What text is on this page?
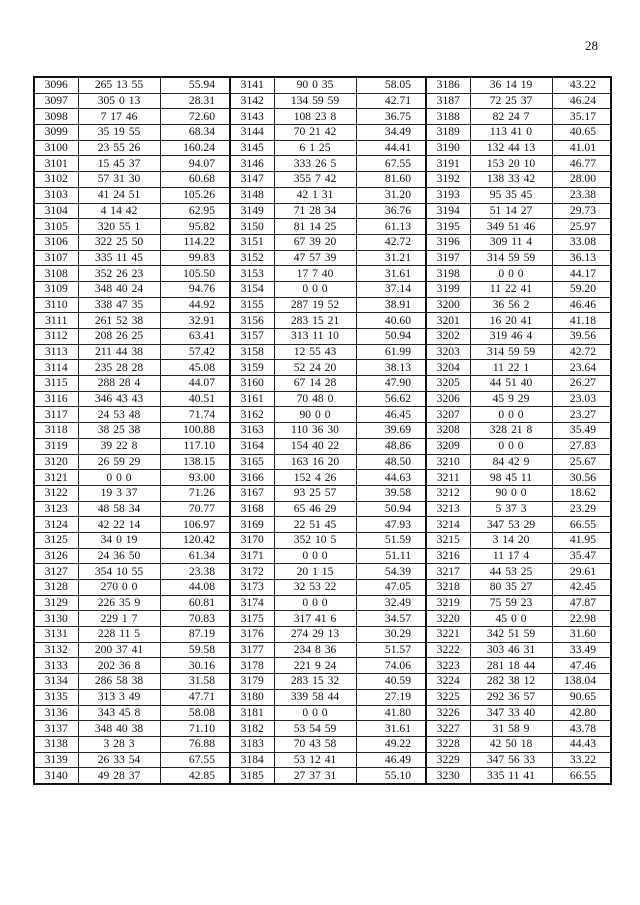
28
3096	265 13 55	55.94	3141	90 0 35	58.05	3186	36 14 19	43.22
3097	305 0 13	28.31	3142	134 59 59	42.71	3187	72 25 37	46.24
3098	7 17 46	72.60	3143	108 23 8	36.75	3188	82 24 7	35.17
3099	35 19 55	68.34	3144	70 21 42	34.49	3189	113 41 0	40.65
3100	23 55 26	160.24	3145	6 1 25	44.41	3190	132 44 13	41.01
3101	15 45 37	94.07	3146	333 26 5	67.55	3191	153 20 10	46.77
3102	57 31 30	60.68	3147	355 7 42	81.60	3192	138 33 42	28.00
3103	41 24 51	105.26	3148	42 1 31	31.20	3193	95 35 45	23.38
3104	4 14 42	62.95	3149	71 28 34	36.76	3194	51 14 27	29.73
3105	320 55 1	95.82	3150	81 14 25	61.13	3195	349 51 46	25.97
3106	322 25 50	114.22	3151	67 39 20	42.72	3196	309 11 4	33.08
3107	335 11 45	99.83	3152	47 57 39	31.21	3197	314 59 59	36.13
3108	352 26 23	105.50	3153	17 7 40	31.61	3198	0 0 0	44.17
3109	348 40 24	94.76	3154	0 0 0	37.14	3199	11 22 41	59.20
3110	338 47 35	44.92	3155	287 19 52	38.91	3200	36 56 2	46.46
3111	261 52 38	32.91	3156	283 15 21	40.60	3201	16 20 41	41.18
3112	208 26 25	63.41	3157	313 11 10	50.94	3202	319 46 4	39.56
3113	211 44 38	57.42	3158	12 55 43	61.99	3203	314 59 59	42.72
3114	235 28 28	45.08	3159	52 24 20	38.13	3204	11 22 1	23.64
3115	288 28 4	44.07	3160	67 14 28	47.90	3205	44 51 40	26.27
3116	346 43 43	40.51	3161	70 48 0	56.62	3206	45 9 29	23.03
3117	24 53 48	71.74	3162	90 0 0	46.45	3207	0 0 0	23.27
3118	38 25 38	100.88	3163	110 36 30	39.69	3208	328 21 8	35.49
3119	39 22 8	117.10	3164	154 40 22	48.86	3209	0 0 0	27.83
3120	26 59 29	138.15	3165	163 16 20	48.50	3210	84 42 9	25.67
3121	0 0 0	93.00	3166	152 4 26	44.63	3211	98 45 11	30.56
3122	19 3 37	71.26	3167	93 25 57	39.58	3212	90 0 0	18.62
3123	48 58 34	70.77	3168	65 46 29	50.94	3213	5 37 3	23.29
3124	42 22 14	106.97	3169	22 51 45	47.93	3214	347 53 29	66.55
3125	34 0 19	120.42	3170	352 10 5	51.59	3215	3 14 20	41.95
3126	24 36 50	61.34	3171	0 0 0	51.11	3216	11 17 4	35.47
3127	354 10 55	23.38	3172	20 1 15	54.39	3217	44 53 25	29.61
3128	270 0 0	44.08	3173	32 53 22	47.05	3218	80 35 27	42.45
3129	226 35 9	60.81	3174	0 0 0	32.49	3219	75 59 23	47.87
3130	229 1 7	70.83	3175	317 41 6	34.57	3220	45 0 0	22.98
3131	228 11 5	87.19	3176	274 29 13	30.29	3221	342 51 59	31.60
3132	200 37 41	59.58	3177	234 8 36	51.57	3222	303 46 31	33.49
3133	202 36 8	30.16	3178	221 9 24	74.06	3223	281 18 44	47.46
3134	286 58 38	31.58	3179	283 15 32	40.59	3224	282 38 12	138.04
3135	313 3 49	47.71	3180	339 58 44	27.19	3225	292 36 57	90.65
3136	343 45 8	58.08	3181	0 0 0	41.80	3226	347 33 40	42.80
3137	348 40 38	71.10	3182	53 54 59	31.61	3227	31 58 9	43.78
3138	3 28 3	76.88	3183	70 43 58	49.22	3228	42 50 18	44.43
3139	26 33 54	67.55	3184	53 12 41	46.49	3229	347 56 33	33.22
3140	49 28 37	42.85	3185	27 37 31	55.10	3230	335 11 41	66.55
